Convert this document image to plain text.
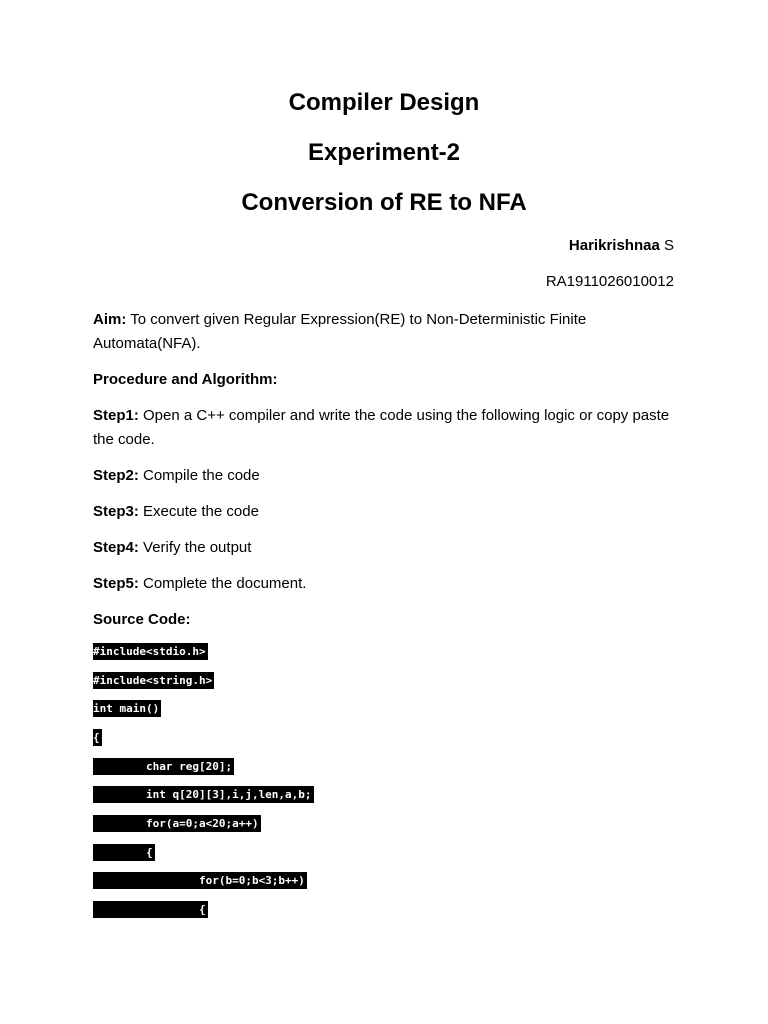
Compiler Design
Experiment-2
Conversion of RE to NFA
Harikrishnaa S
RA1911026010012

Aim: To convert given Regular Expression(RE) to Non-Deterministic Finite Automata(NFA).

Procedure and Algorithm:

Step1: Open a C++ compiler and write the code using the following logic or copy paste the code.

Step2: Compile the code

Step3: Execute the code

Step4: Verify the output

Step5: Complete the document.

Source Code:

#include<stdio.h>
#include<string.h>
int main()
{
char reg[20];
int q[20][3],i,j,len,a,b;
for(a=0;a<20;a++)
{
for(b=0;b<3;b++)
{
